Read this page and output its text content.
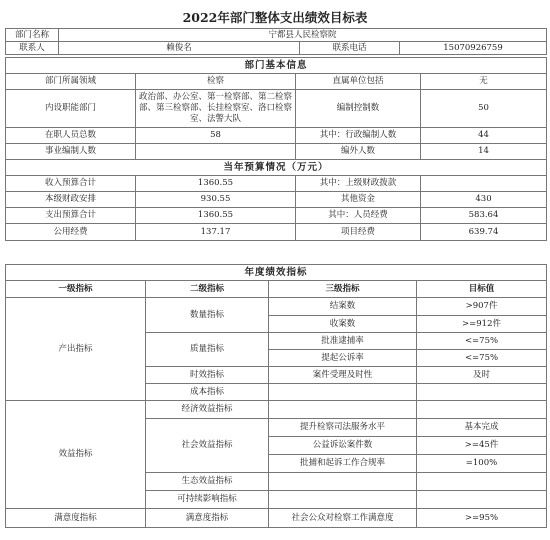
2022年部门整体支出绩效目标表
部门名称	宁都县人民检察院		
联系人	赖俊名	联系电话	15070926759
部门基本信息			
部门所属领域	检察	直属单位包括	无
内设职能部门	政治部、办公室、第一检察部、第二检察部、第三检察部、长挂检察室、洛口检察室、法警大队	编制控制数	50
在职人员总数	58	其中：行政编制人数	44
事业编制人数		编外人数	14
当年预算情况（万元）			
收入预算合计	1360.55	其中：上级财政拨款	
本级财政安排	930.55	其他资金	430
支出预算合计	1360.55	其中：人员经费	583.64
公用经费	137.17	项目经费	639.74
年度绩效指标			
一级指标	二级指标	三级指标	目标值
产出指标	数量指标	结案数	>907件
		收案数	>=912件
	质量指标	批准逮捕率	<=75%
		提起公诉率	<=75%
	时效指标	案件受理及时性	及时
	成本指标		
效益指标	经济效益指标		
	社会效益指标	提升检察司法服务水平	基本完成
		公益诉讼案件数	>=45件
		批捕和起诉工作合规率	=100%
	生态效益指标		
	可持续影响指标		
满意度指标	满意度指标	社会公众对检察工作满意度	>=95%
